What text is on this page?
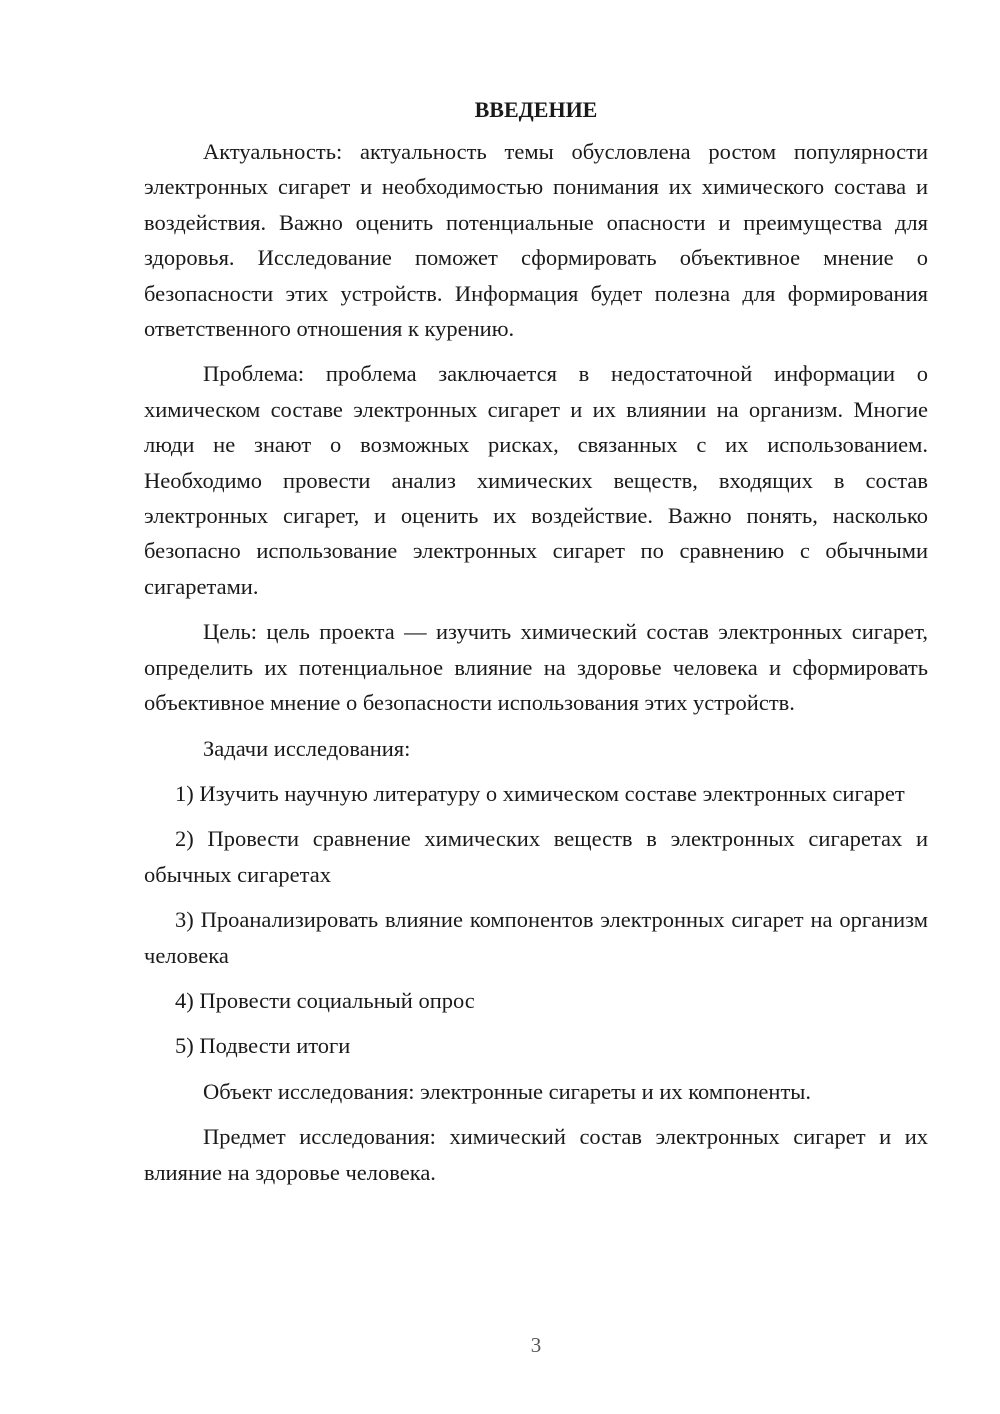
ВВЕДЕНИЕ

Актуальность: актуальность темы обусловлена ростом популярности электронных сигарет и необходимостью понимания их химического состава и воздействия. Важно оценить потенциальные опасности и преимущества для здоровья. Исследование поможет сформировать объективное мнение о безопасности этих устройств. Информация будет полезна для формирования ответственного отношения к курению.

Проблема: проблема заключается в недостаточной информации о химическом составе электронных сигарет и их влиянии на организм. Многие люди не знают о возможных рисках, связанных с их использованием. Необходимо провести анализ химических веществ, входящих в состав электронных сигарет, и оценить их воздействие. Важно понять, насколько безопасно использование электронных сигарет по сравнению с обычными сигаретами.

Цель: цель проекта — изучить химический состав электронных сигарет, определить их потенциальное влияние на здоровье человека и сформировать объективное мнение о безопасности использования этих устройств.

Задачи исследования:

1) Изучить научную литературу о химическом составе электронных сигарет

2) Провести сравнение химических веществ в электронных сигаретах и обычных сигаретах

3) Проанализировать влияние компонентов электронных сигарет на организм человека

4) Провести социальный опрос

5) Подвести итоги

Объект исследования: электронные сигареты и их компоненты.

Предмет исследования: химический состав электронных сигарет и их влияние на здоровье человека.

3
